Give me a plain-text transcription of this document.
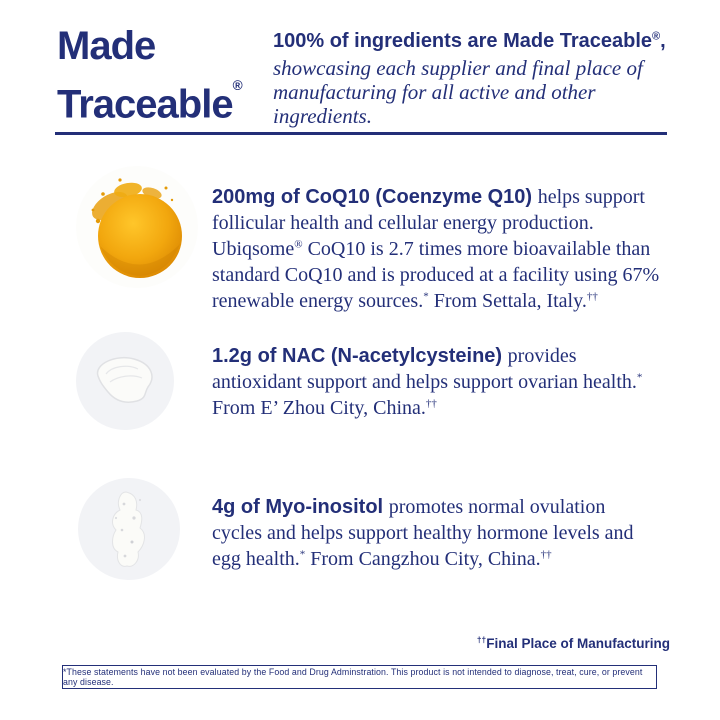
Made
Traceable®

100% of ingredients are Made Traceable®,

showcasing each supplier and final place of

manufacturing for all active and other ingredients.

200mg of CoQ10 (Coenzyme Q10) helps support
follicular health and cellular energy production.
Ubiqsome® CoQ10 is 2.7 times more bioavailable than
standard CoQ10 and is produced at a facility using 67%
renewable energy sources.* From Settala, Italy.††
1.2g of NAC (N-acetylcysteine) provides
antioxidant support and helps support ovarian health.*
From E’ Zhou City, China.††
4g of Myo-inositol promotes normal ovulation
cycles and helps support healthy hormone levels and
egg health.* From Cangzhou City, China.††
††Final Place of Manufacturing
*These statements have not been evaluated by the Food and Drug Adminstration. This product is not intended to diagnose, treat, cure, or prevent any disease.
